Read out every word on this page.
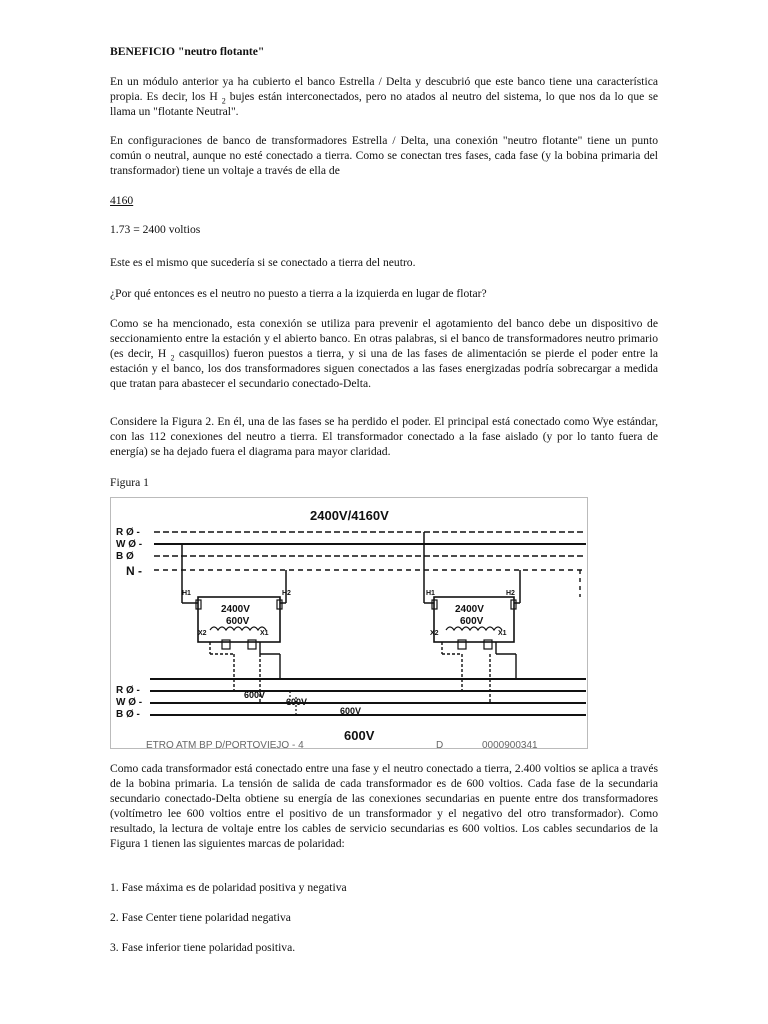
BENEFICIO "neutro flotante"

En un módulo anterior ya ha cubierto el banco Estrella / Delta y descubrió que este banco tiene una característica propia. Es decir, los H $_2$ bujes están interconectados, pero no atados al neutro del sistema, lo que nos da lo que se llama un "flotante Neutral".

En configuraciones de banco de transformadores Estrella / Delta, una conexión "neutro flotante" tiene un punto común o neutral, aunque no esté conectado a tierra. Como se conectan tres fases, cada fase (y la bobina primaria del transformador) tiene un voltaje a través de ella de

4160

1.73 = 2400 voltios

Este es el mismo que sucedería si se conectado a tierra del neutro.

¿Por qué entonces es el neutro no puesto a tierra a la izquierda en lugar de flotar?

Como se ha mencionado, esta conexión se utiliza para prevenir el agotamiento del banco debe un dispositivo de seccionamiento entre la estación y el abierto banco. En otras palabras, si el banco de transformadores neutro primario (es decir, H $_2$ casquillos) fueron puestos a tierra, y si una de las fases de alimentación se pierde el poder entre la estación y el banco, los dos transformadores siguen conectados a las fases energizadas podría sobrecargar a medida que tratan para abastecer el secundario conectado-Delta.

Considere la Figura 2. En él, una de las fases se ha perdido el poder. El principal está conectado como Wye estándar, con las 112 conexiones del neutro a tierra. El transformador conectado a la fase aislado (y por lo tanto fuera de energía) se ha dejado fuera el diagrama para mayor claridad.

Figura 1

2400V/4160V
R Ø -
W Ø -
B Ø
N -
H1	H2
2400V
600V
X2	X1
H1	H2
2400V
600V
X2	X1
R Ø -
W Ø -
B Ø -
600V
600V
600V
600V
ETRO ATM BP D/PORTOVIEJO - 4	D	0000900341

Como cada transformador está conectado entre una fase y el neutro conectado a tierra, 2.400 voltios se aplica a través de la bobina primaria. La tensión de salida de cada transformador es de 600 voltios. Cada fase de la secundaria secundario conectado-Delta obtiene su energía de las conexiones secundarias en puente entre dos transformadores (voltímetro lee 600 voltios entre el positivo de un transformador y el negativo del otro transformador). Como resultado, la lectura de voltaje entre los cables de servicio secundarias es 600 voltios. Los cables secundarios de la Figura 1 tienen las siguientes marcas de polaridad:

1. Fase máxima es de polaridad positiva y negativa

2. Fase Center tiene polaridad negativa

3. Fase inferior tiene polaridad positiva.
